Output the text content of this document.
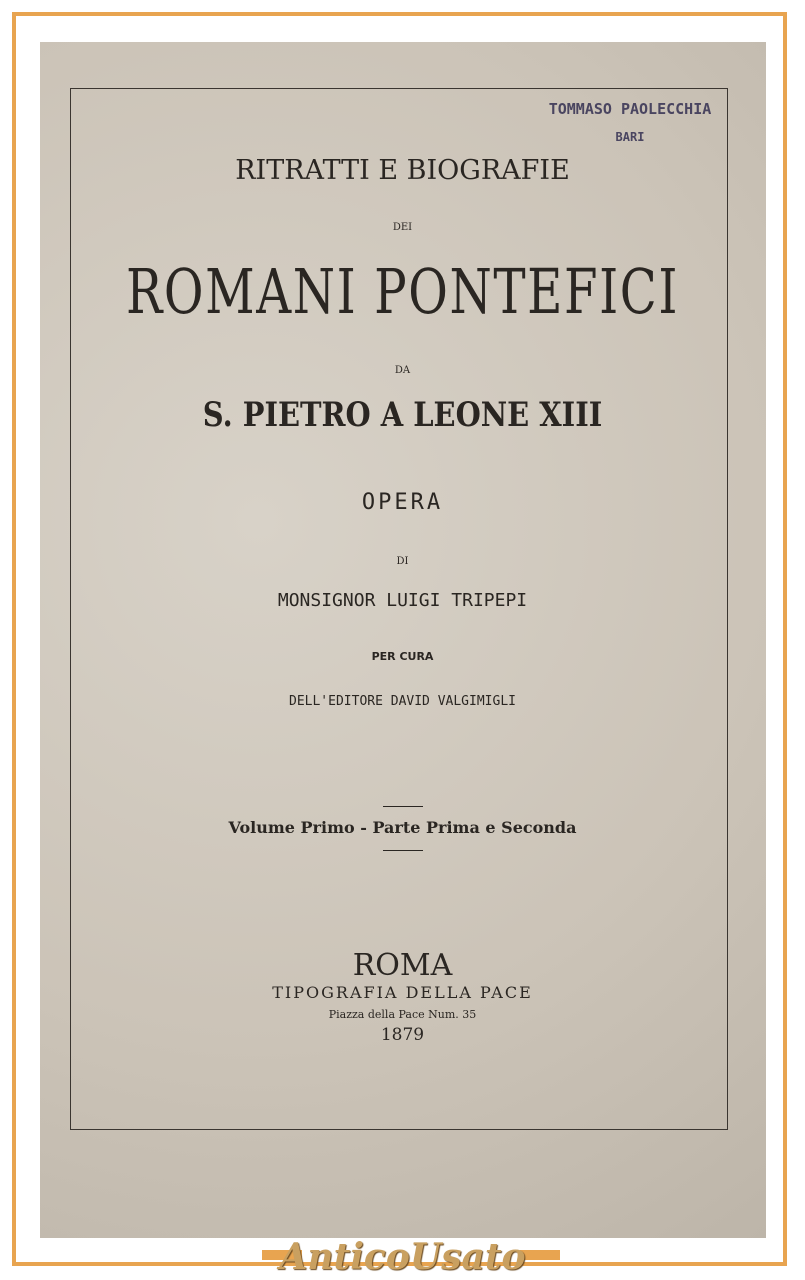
TOMMASO PAOLECCHIA
BARI
RITRATTI E BIOGRAFIE
DEI
ROMANI PONTEFICI
DA
S. PIETRO A LEONE XIII
OPERA
DI
MONSIGNOR LUIGI TRIPEPI
PER CURA
DELL'EDITORE DAVID VALGIMIGLI
Volume Primo - Parte Prima e Seconda
ROMA
TIPOGRAFIA DELLA PACE
Piazza della Pace Num. 35
1879
AnticoUsato
